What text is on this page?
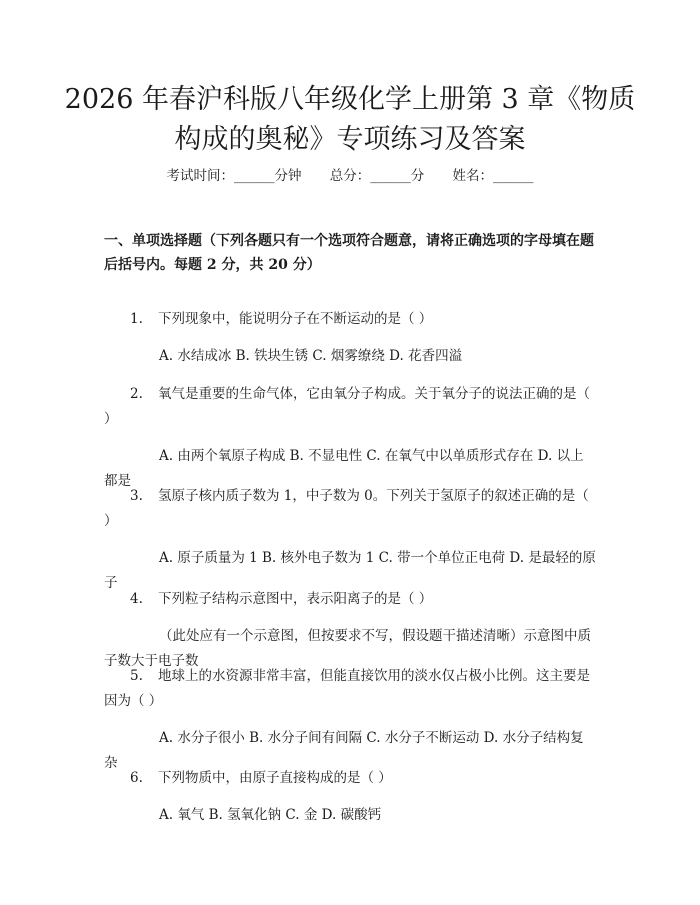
2026 年春沪科版八年级化学上册第 3 章《物质构成的奥秘》专项练习及答案
考试时间：______分钟 总分：______分 姓名：______
一、单项选择题（下列各题只有一个选项符合题意，请将正确选项的字母填在题后括号内。每题 2 分，共 20 分）
1. 下列现象中，能说明分子在不断运动的是（ ）
A. 水结成冰 B. 铁块生锈 C. 烟雾缭绕 D. 花香四溢
2. 氧气是重要的生命气体，它由氧分子构成。关于氧分子的说法正确的是（ ）
A. 由两个氧原子构成 B. 不显电性 C. 在氧气中以单质形式存在 D. 以上都是
3. 氢原子核内质子数为 1，中子数为 0。下列关于氢原子的叙述正确的是（ ）
A. 原子质量为 1 B. 核外电子数为 1 C. 带一个单位正电荷 D. 是最轻的原子
4. 下列粒子结构示意图中，表示阳离子的是（ ）
（此处应有一个示意图，但按要求不写，假设题干描述清晰）示意图中质子数大于电子数
5. 地球上的水资源非常丰富，但能直接饮用的淡水仅占极小比例。这主要是因为（ ）
A. 水分子很小 B. 水分子间有间隔 C. 水分子不断运动 D. 水分子结构复杂
6. 下列物质中，由原子直接构成的是（ ）
A. 氧气 B. 氢氧化钠 C. 金 D. 碳酸钙
